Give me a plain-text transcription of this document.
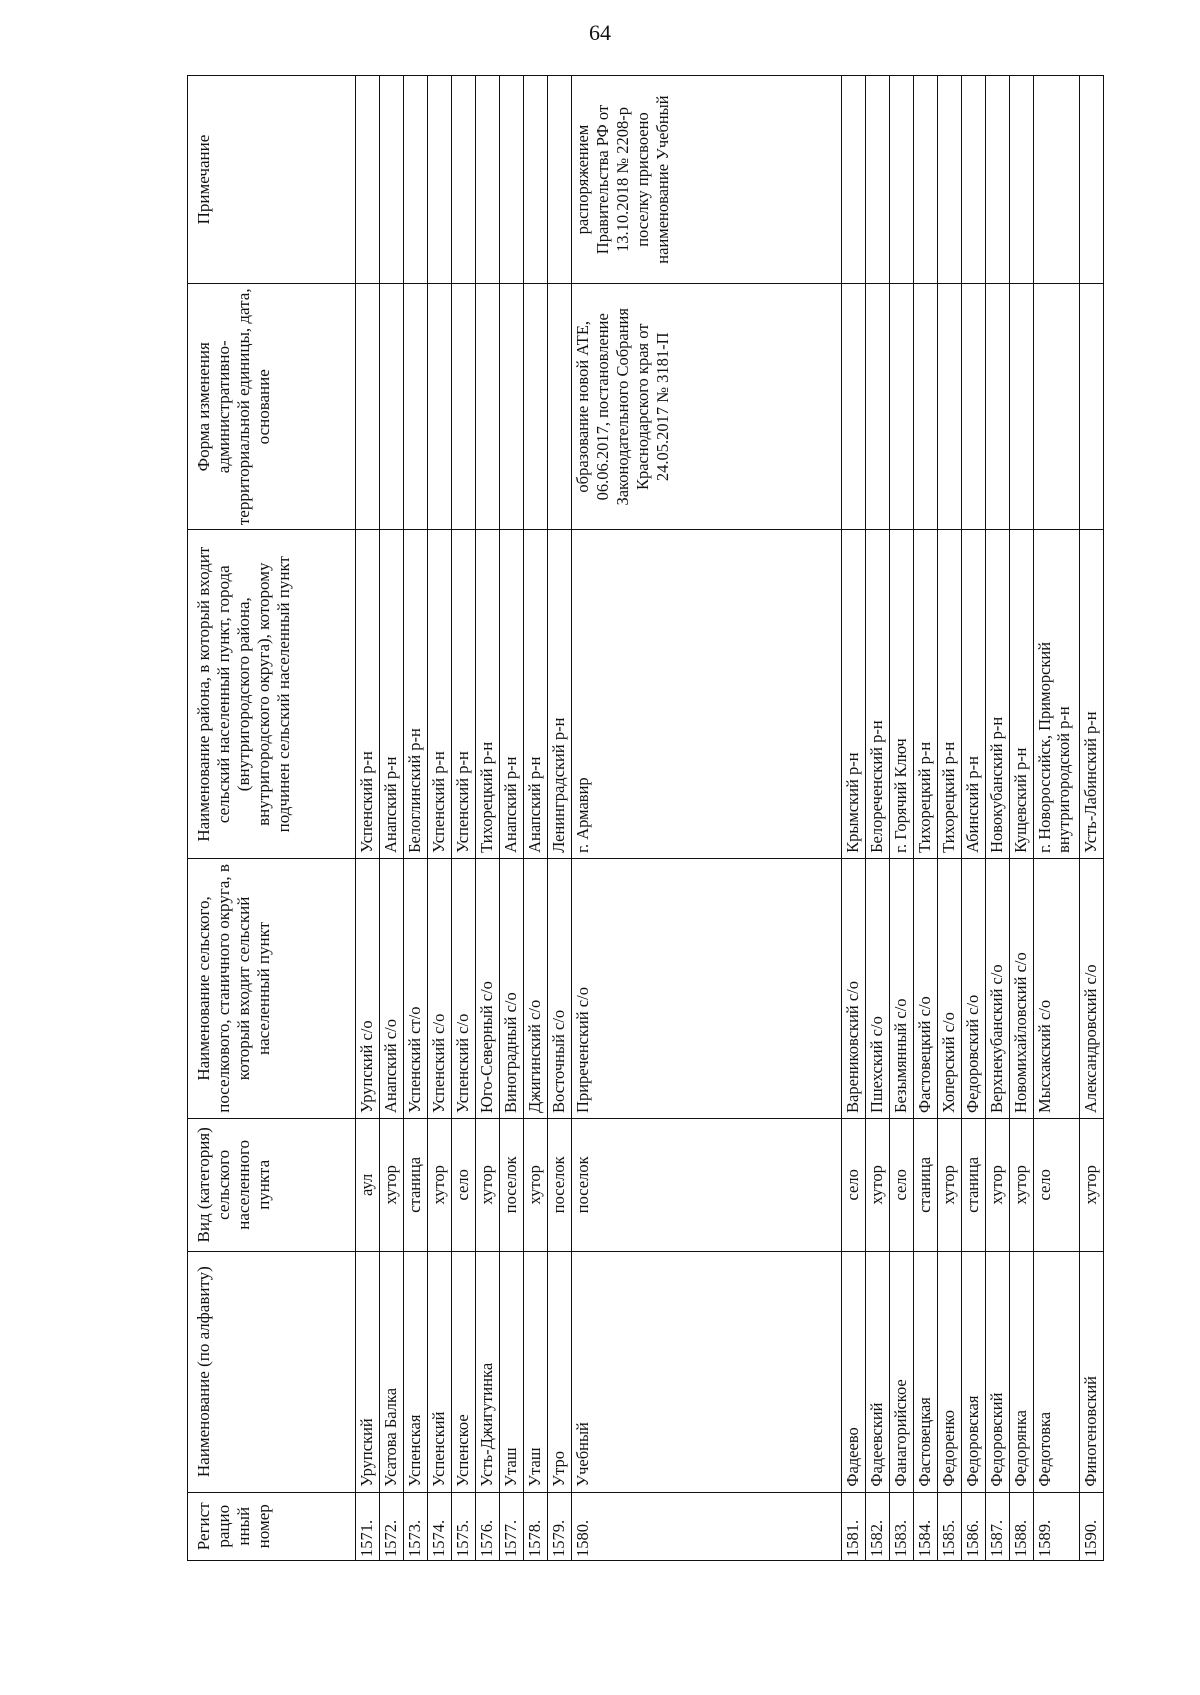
64
Регист рацио нный номер	Наименование (по алфавиту)	Вид (категория) сельского населенного пункта	Наименование сельского, поселкового, станичного округа, в который входит сельский населенный пункт	Наименование района, в который входит сельский населенный пункт, города (внутригородского района, внутригородского округа), которому подчинен сельский населенный пункт	Форма изменения административно-территориальной единицы, дата, основание	Примечание
1571.	Урупский	аул	Урупский с/о	Успенский р-н		
1572.	Усатова Балка	хутор	Анапский с/о	Анапский р-н		
1573.	Успенская	станица	Успенский ст/о	Белоглинский р-н		
1574.	Успенский	хутор	Успенский с/о	Успенский р-н		
1575.	Успенское	село	Успенский с/о	Успенский р-н		
1576.	Усть-Джигутинка	хутор	Юго-Северный с/о	Тихорецкий р-н		
1577.	Уташ	поселок	Виноградный с/о	Анапский р-н		
1578.	Уташ	хутор	Джигинский с/о	Анапский р-н		
1579.	Утро	поселок	Восточный с/о	Ленинградский р-н		
1580.	Учебный	поселок	Приреченский с/о	г. Армавир	образование новой АТЕ, 06.06.2017, постановление Законодательного Собрания Краснодарского края от 24.05.2017 № 3181-П	распоряжением Правительства РФ от 13.10.2018 № 2208-р поселку присвоено наименование Учебный
1581.	Фадеево	село	Варениковский с/о	Крымский р-н		
1582.	Фадеевский	хутор	Пшехский с/о	Белореченский р-н		
1583.	Фанагорийское	село	Безымянный с/о	г. Горячий Ключ		
1584.	Фастовецкая	станица	Фастовецкий с/о	Тихорецкий р-н		
1585.	Федоренко	хутор	Хоперский с/о	Тихорецкий р-н		
1586.	Федоровская	станица	Федоровский с/о	Абинский р-н		
1587.	Федоровский	хутор	Верхнекубанский с/о	Новокубанский р-н		
1588.	Федорянка	хутор	Новомихайловский с/о	Кущевский р-н		
1589.	Федотовка	село	Мысхакский с/о	г. Новороссийск, Приморский внутригородской р-н		
1590.	Финогеновский	хутор	Александровский с/о	Усть-Лабинский р-н		
